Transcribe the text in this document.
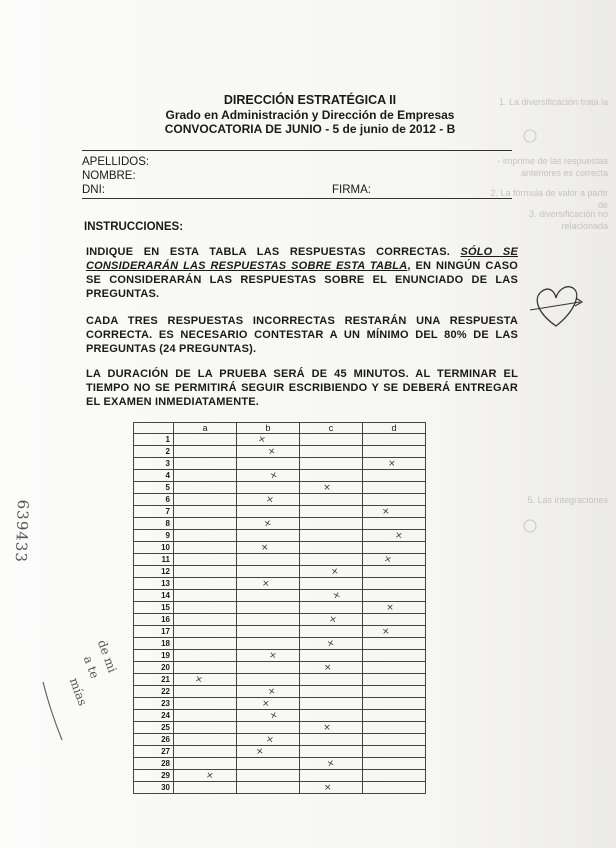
1. La diversificación trata la
- imprime de las respuestas anteriores es correcta
2. La fórmula de valor a partir de
3. diversificación no relacionada
5. Las integraciones
DIRECCIÓN ESTRATÉGICA II
Grado en Administración y Dirección de Empresas
CONVOCATORIA DE JUNIO - 5 de junio de 2012 - B
APELLIDOS:
NOMBRE:
DNI:	FIRMA:
INSTRUCCIONES:
INDIQUE EN ESTA TABLA LAS RESPUESTAS CORRECTAS. SÓLO SE CONSIDERARÁN LAS RESPUESTAS SOBRE ESTA TABLA, EN NINGÚN CASO SE CONSIDERARÁN LAS RESPUESTAS SOBRE EL ENUNCIADO DE LAS PREGUNTAS.
CADA TRES RESPUESTAS INCORRECTAS RESTARÁN UNA RESPUESTA CORRECTA. ES NECESARIO CONTESTAR A UN MÍNIMO DEL 80% DE LAS PREGUNTAS (24 PREGUNTAS).
LA DURACIÓN DE LA PRUEBA SERÁ DE 45 MINUTOS. AL TERMINAR EL TIEMPO NO SE PERMITIRÁ SEGUIR ESCRIBIENDO Y SE DEBERÁ ENTREGAR EL EXAMEN INMEDIATAMENTE.
	a	b	c	d
1		×		
2		×		
3				×
4		×		
5			×	
6		×		
7				×
8		×		
9				×
10		×		
11				×
12			×	
13		×		
14			×	
15				×
16			×	
17				×
18			×	
19		×		
20			×	
21	×			
22		×		
23		×		
24		×		
25			×	
26		×		
27		×		
28			×	
29	×			
30			×	
639433
de mi
a te
mías
